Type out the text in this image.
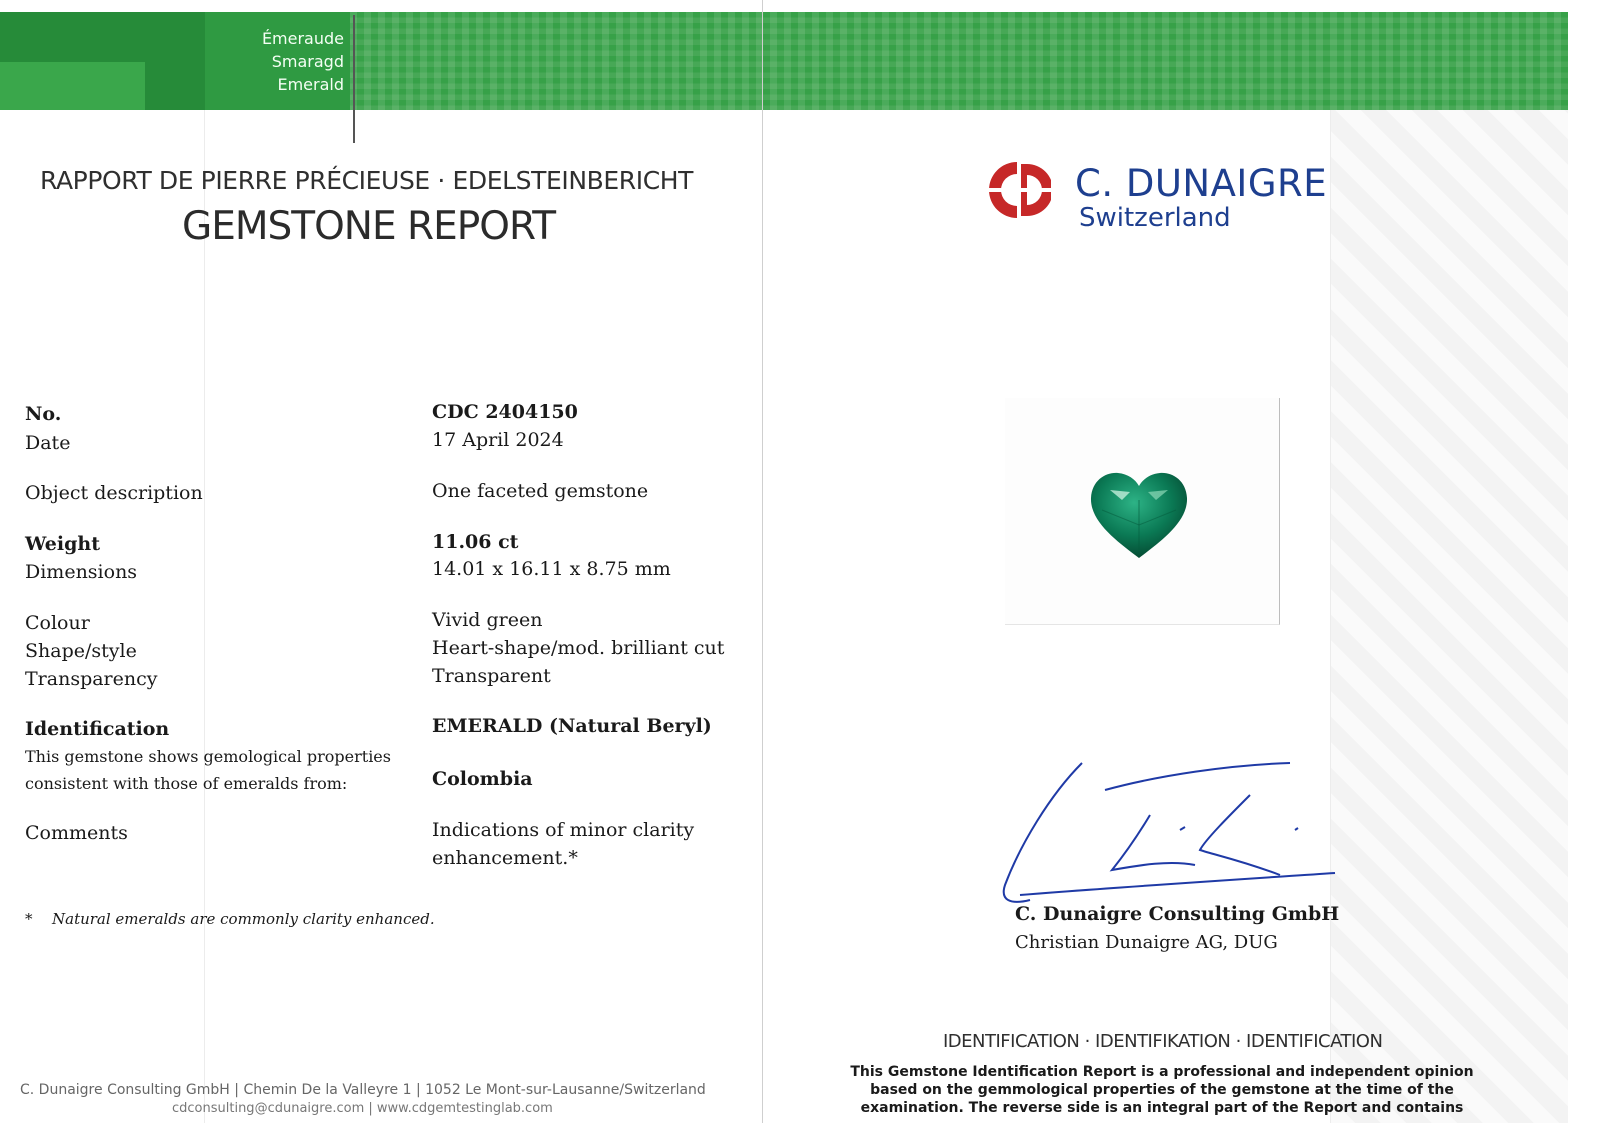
Émeraude
Smaragd
Emerald
RAPPORT DE PIERRE PRÉCIEUSE · EDELSTEINBERICHT
GEMSTONE REPORT
No.	CDC 2404150
Date	17 April 2024
Object description	One faceted gemstone
Weight	11.06 ct
Dimensions	14.01 x 16.11 x 8.75 mm
Colour	Vivid green
Shape/style	Heart-shape/mod. brilliant cut
Transparency	Transparent
Identification	EMERALD (Natural Beryl)
This gemstone shows gemological properties
consistent with those of emeralds from:	Colombia
Comments	Indications of minor clarity
enhancement.*
* Natural emeralds are commonly clarity enhanced.
C. Dunaigre Consulting GmbH | Chemin De la Valleyre 1 | 1052 Le Mont-sur-Lausanne/Switzerland
cdconsulting@cdunaigre.com | www.cdgemtestinglab.com
C. DUNAIGRE
Switzerland
C. Dunaigre Consulting GmbH
Christian Dunaigre AG, DUG
IDENTIFICATION · IDENTIFIKATION · IDENTIFICATION
This Gemstone Identification Report is a professional and independent opinion
based on the gemmological properties of the gemstone at the time of the
examination. The reverse side is an integral part of the Report and contains
